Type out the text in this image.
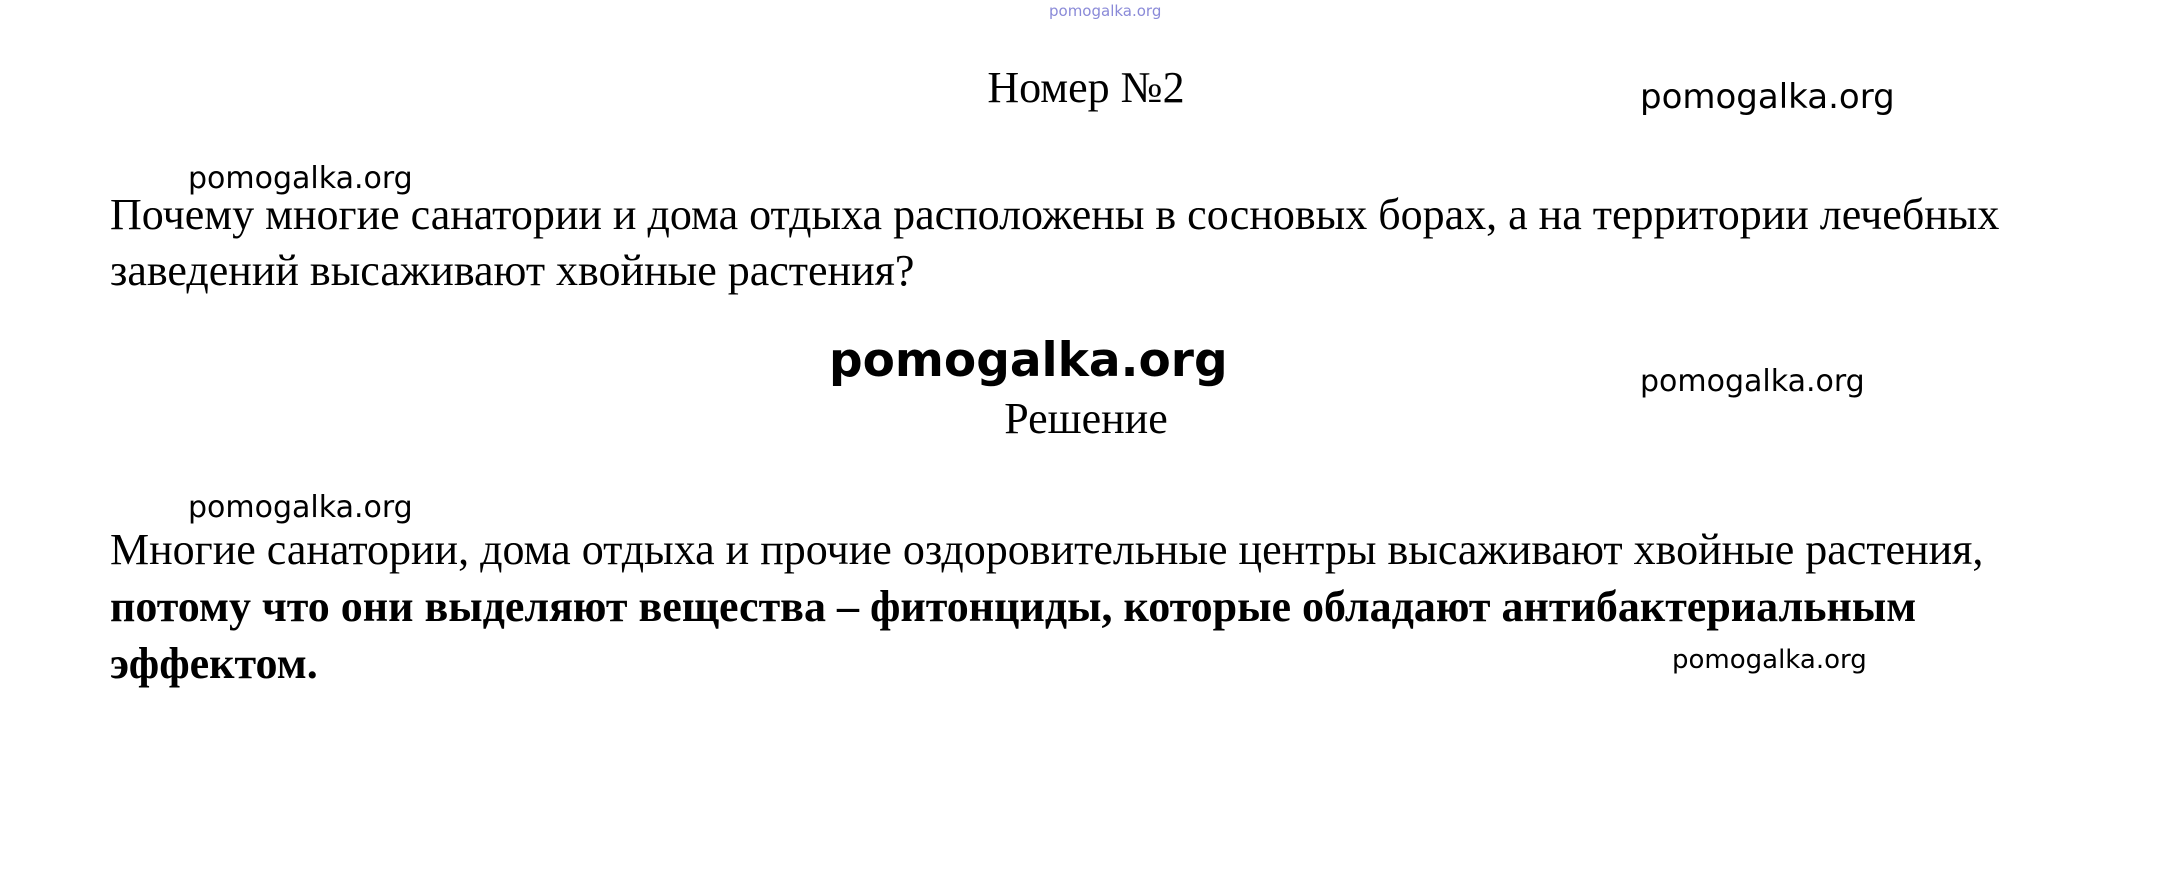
Номер №2
Почему многие санатории и дома отдыха расположены в сосновых борах, а на территории лечебных заведений высаживают хвойные растения?
Решение
Многие санатории, дома отдыха и прочие оздоровительные центры высаживают хвойные растения, потому что они выделяют вещества – фитонциды, которые обладают антибактериальным эффектом.
pomogalka.org
pomogalka.org
pomogalka.org
pomogalka.org	pomogalka.org
pomogalka.org
pomogalka.org
